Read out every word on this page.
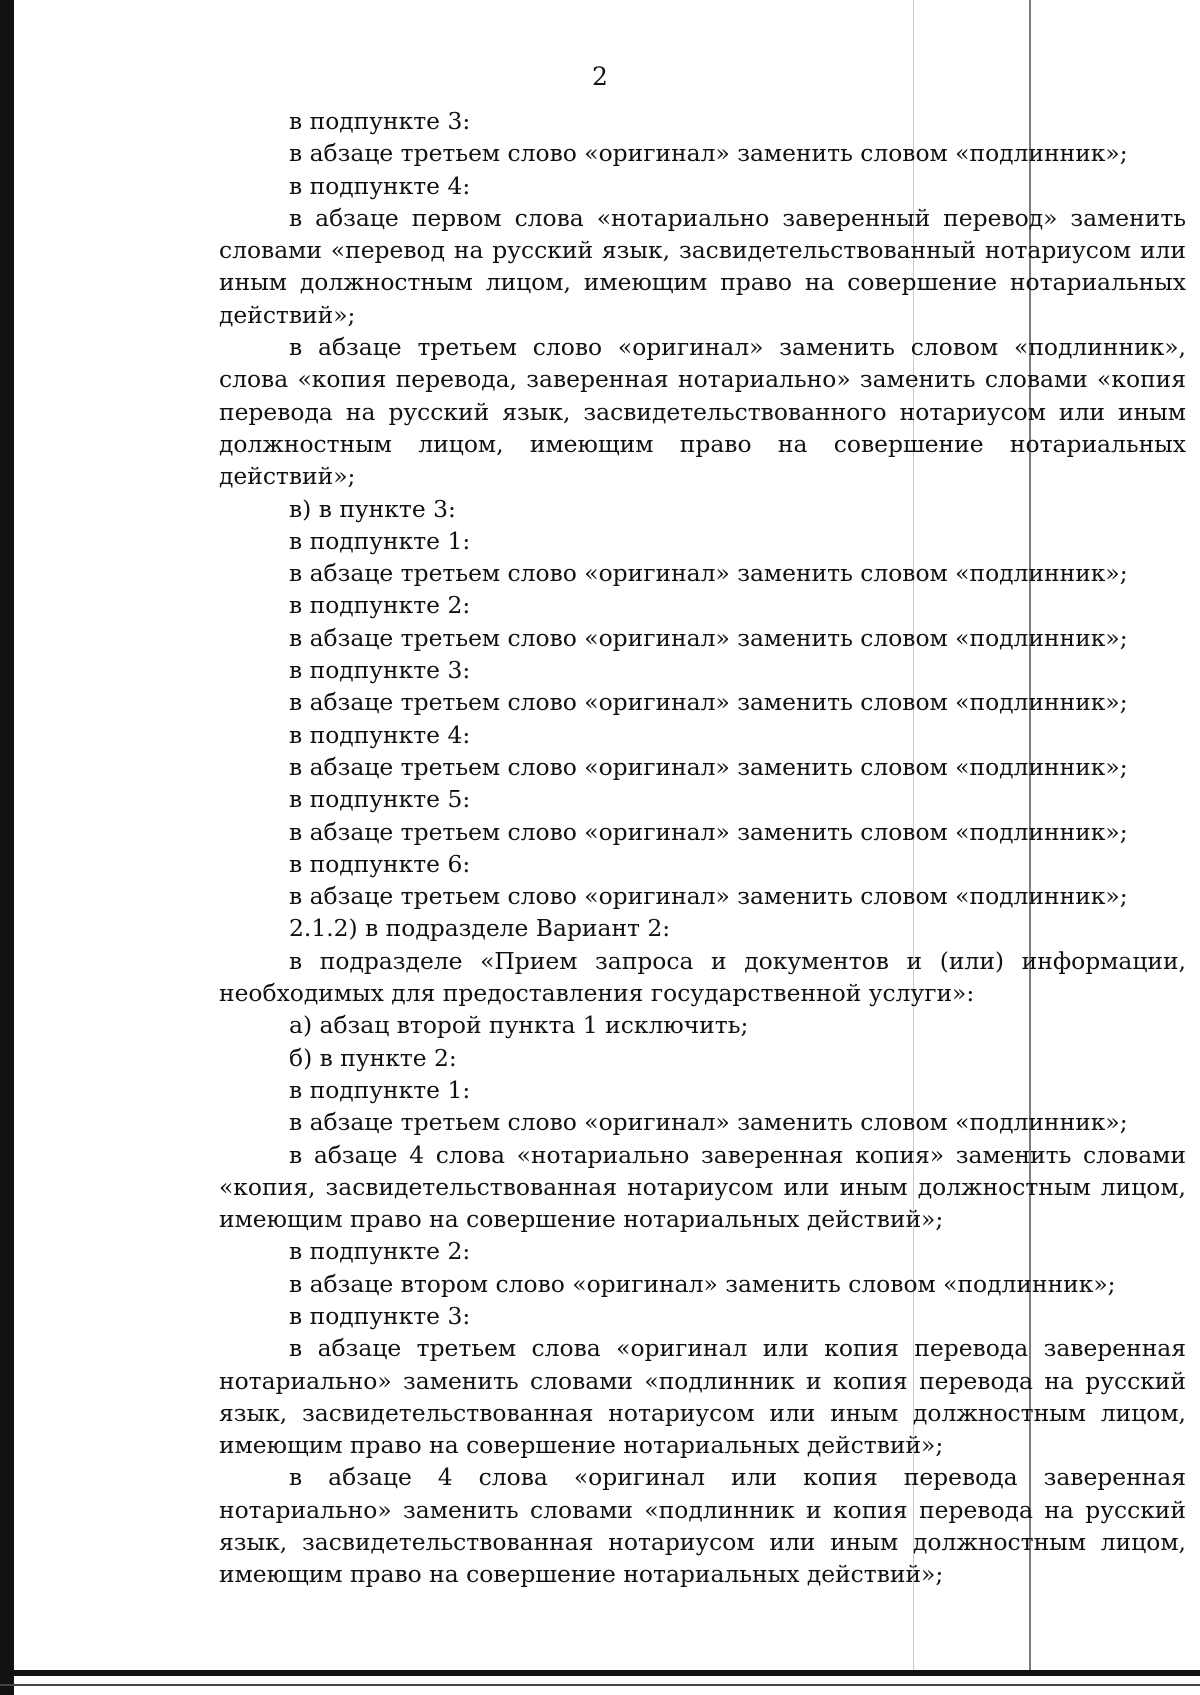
2

в подпункте 3:

в абзаце третьем слово «оригинал» заменить словом «подлинник»;

в подпункте 4:

в абзаце первом слова «нотариально заверенный перевод» заменить словами «перевод на русский язык, засвидетельствованный нотариусом или иным должностным лицом, имеющим право на совершение нотариальных действий»;

в абзаце третьем слово «оригинал» заменить словом «подлинник», слова «копия перевода, заверенная нотариально» заменить словами «копия перевода на русский язык, засвидетельствованного нотариусом или иным должностным лицом, имеющим право на совершение нотариальных действий»;

в) в пункте 3:

в подпункте 1:

в абзаце третьем слово «оригинал» заменить словом «подлинник»;

в подпункте 2:

в абзаце третьем слово «оригинал» заменить словом «подлинник»;

в подпункте 3:

в абзаце третьем слово «оригинал» заменить словом «подлинник»;

в подпункте 4:

в абзаце третьем слово «оригинал» заменить словом «подлинник»;

в подпункте 5:

в абзаце третьем слово «оригинал» заменить словом «подлинник»;

в подпункте 6:

в абзаце третьем слово «оригинал» заменить словом «подлинник»;

2.1.2) в подразделе Вариант 2:

в подразделе «Прием запроса и документов и (или) информации, необходимых для предоставления государственной услуги»:

а) абзац второй пункта 1 исключить;

б) в пункте 2:

в подпункте 1:

в абзаце третьем слово «оригинал» заменить словом «подлинник»;

в абзаце 4 слова «нотариально заверенная копия» заменить словами «копия, засвидетельствованная нотариусом или иным должностным лицом, имеющим право на совершение нотариальных действий»;

в подпункте 2:

в абзаце втором слово «оригинал» заменить словом «подлинник»;

в подпункте 3:

в абзаце третьем слова «оригинал или копия перевода заверенная нотариально» заменить словами «подлинник и копия перевода на русский язык, засвидетельствованная нотариусом или иным должностным лицом, имеющим право на совершение нотариальных действий»;

в абзаце 4 слова «оригинал или копия перевода заверенная нотариально» заменить словами «подлинник и копия перевода на русский язык, засвидетельствованная нотариусом или иным должностным лицом, имеющим право на совершение нотариальных действий»;
